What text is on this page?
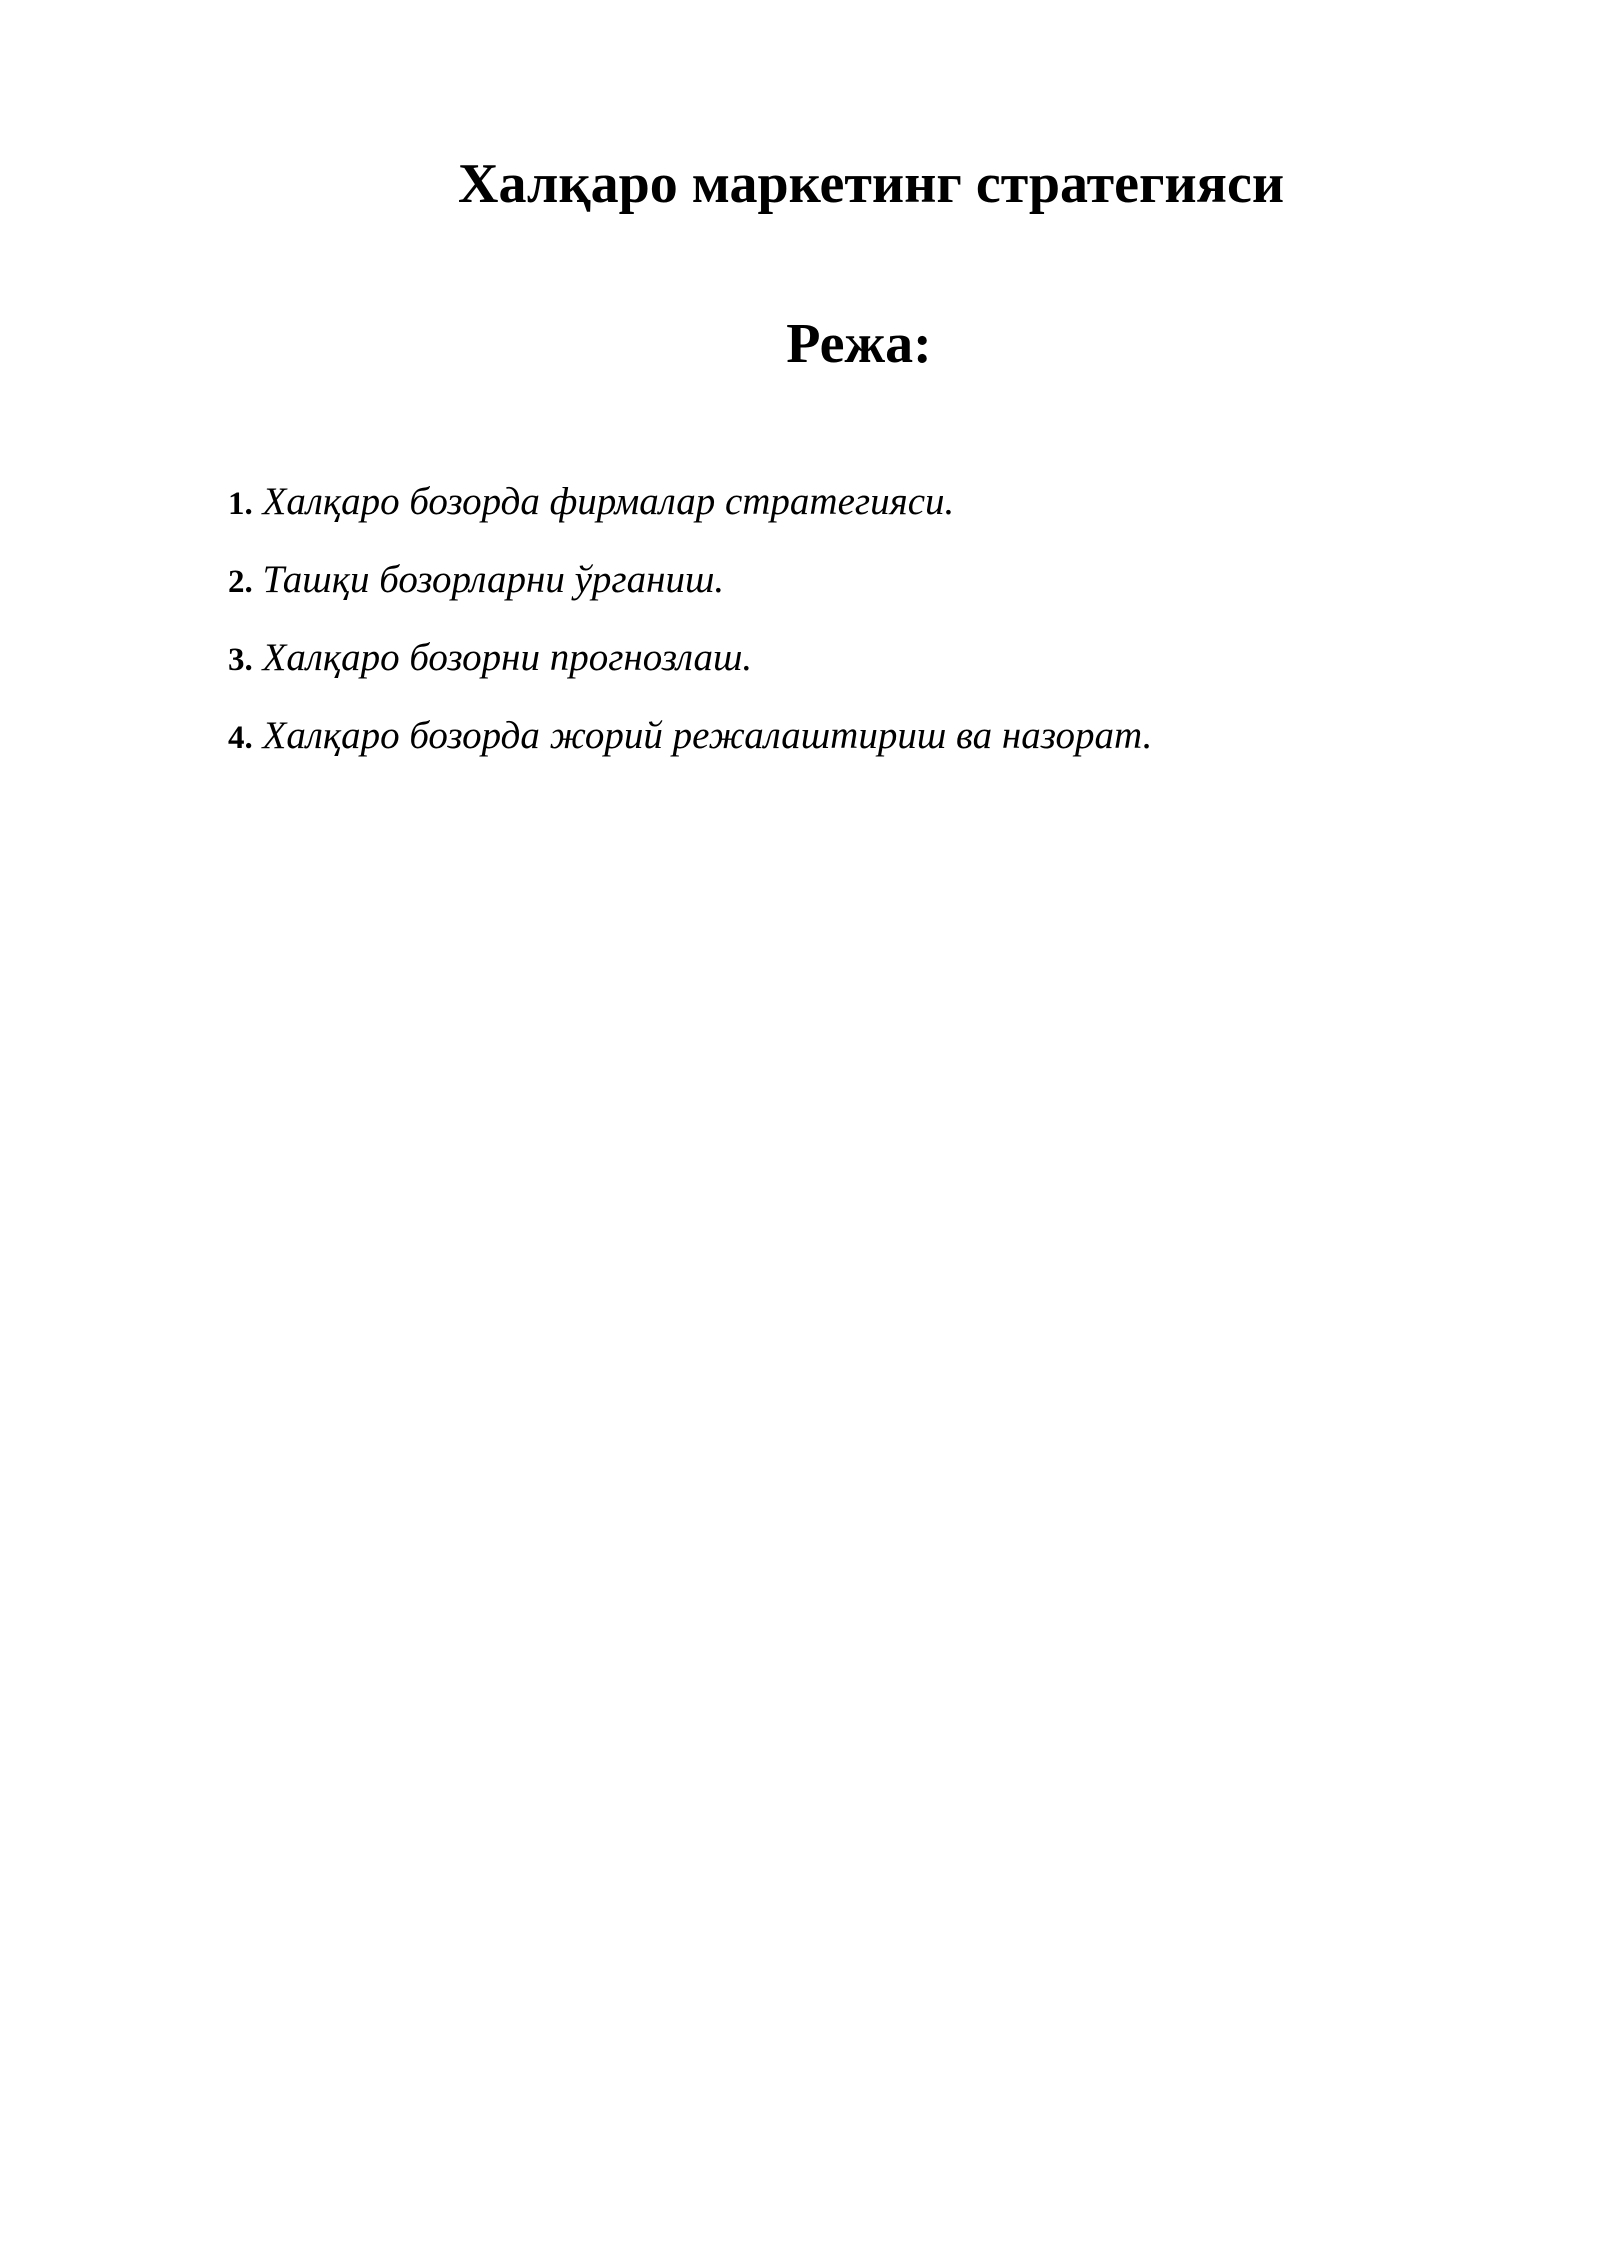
Халқаро маркетинг стратегияси
Режа:
1. Халқаро бозорда фирмалар стратегияси.
2. Ташқи бозорларни ўрганиш.
3. Халқаро бозорни прогнозлаш.
4. Халқаро бозорда жорий режалаштириш ва назорат.
